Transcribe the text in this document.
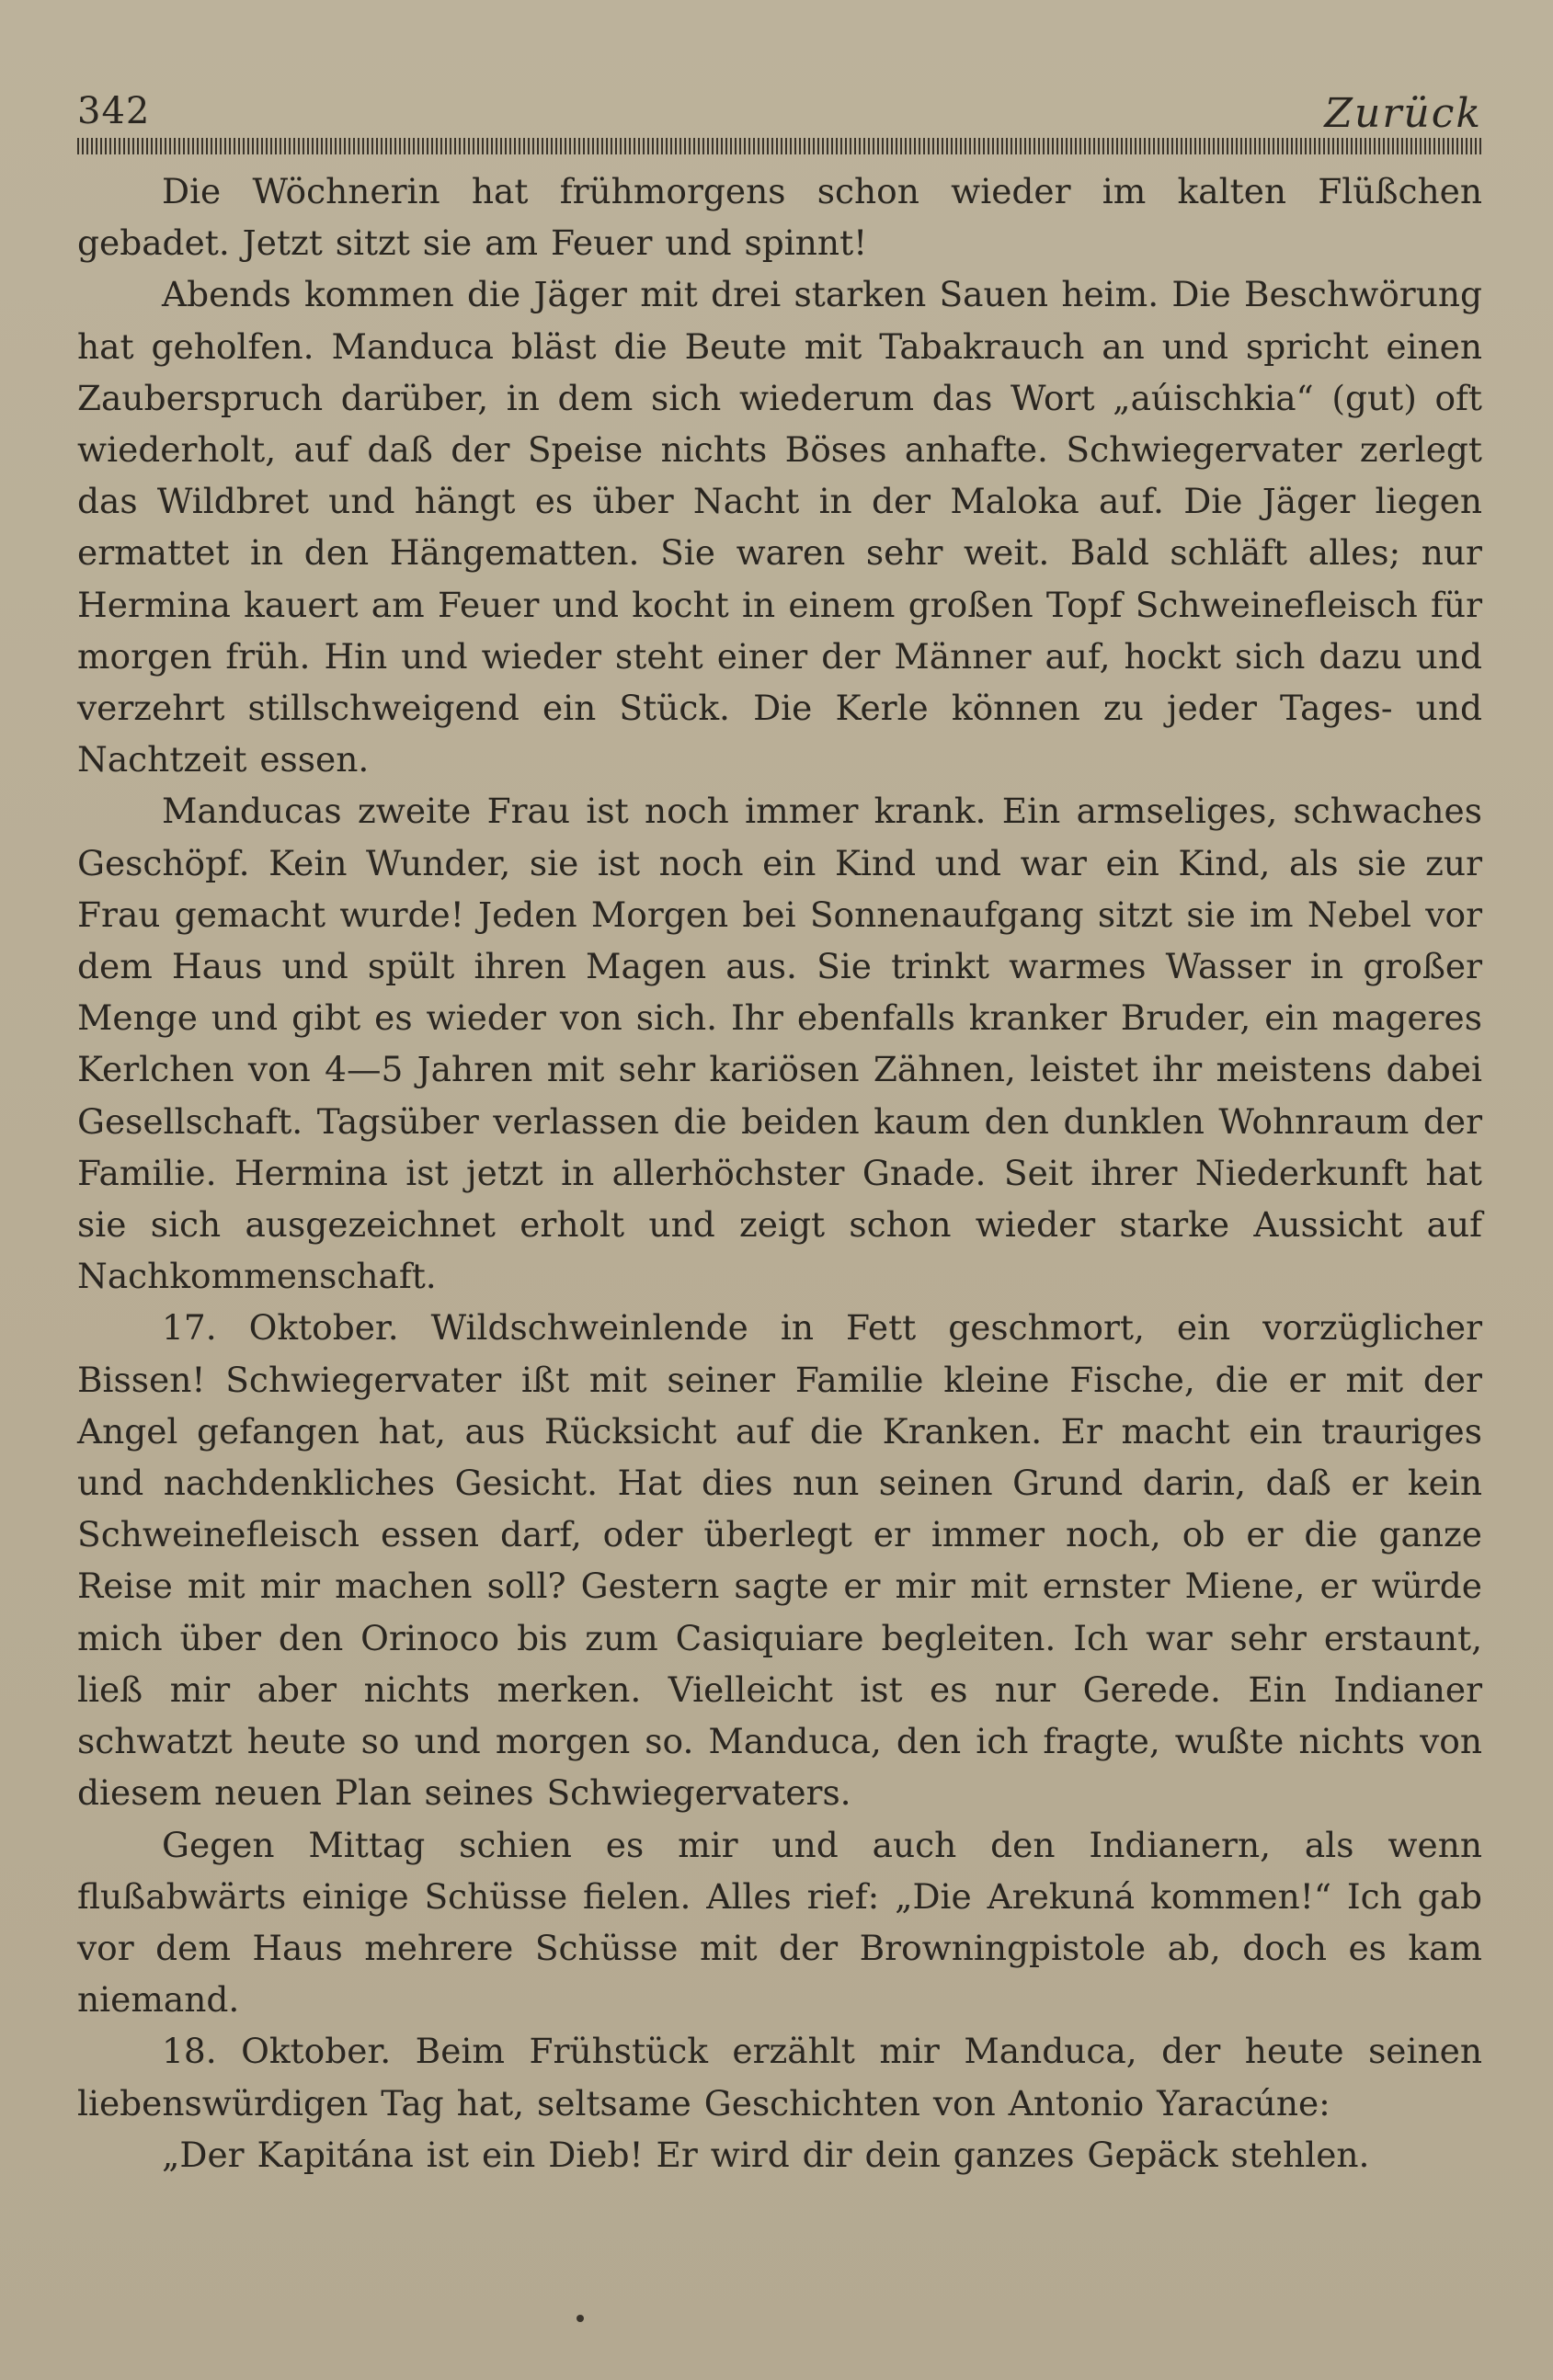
342	Zurück

Die Wöchnerin hat frühmorgens schon wieder im kalten Flüßchen gebadet. Jetzt sitzt sie am Feuer und spinnt!

Abends kommen die Jäger mit drei starken Sauen heim. Die Beschwörung hat geholfen. Manduca bläst die Beute mit Tabakrauch an und spricht einen Zauberspruch darüber, in dem sich wiederum das Wort „aúischkia“ (gut) oft wiederholt, auf daß der Speise nichts Böses anhafte. Schwiegervater zerlegt das Wildbret und hängt es über Nacht in der Maloka auf. Die Jäger liegen ermattet in den Hängematten. Sie waren sehr weit. Bald schläft alles; nur Hermina kauert am Feuer und kocht in einem großen Topf Schweinefleisch für morgen früh. Hin und wieder steht einer der Männer auf, hockt sich dazu und verzehrt stillschweigend ein Stück. Die Kerle können zu jeder Tages- und Nachtzeit essen.

Manducas zweite Frau ist noch immer krank. Ein armseliges, schwaches Geschöpf. Kein Wunder, sie ist noch ein Kind und war ein Kind, als sie zur Frau gemacht wurde! Jeden Morgen bei Sonnenaufgang sitzt sie im Nebel vor dem Haus und spült ihren Magen aus. Sie trinkt warmes Wasser in großer Menge und gibt es wieder von sich. Ihr ebenfalls kranker Bruder, ein mageres Kerlchen von 4—5 Jahren mit sehr kariösen Zähnen, leistet ihr meistens dabei Gesellschaft. Tagsüber verlassen die beiden kaum den dunklen Wohnraum der Familie. Hermina ist jetzt in allerhöchster Gnade. Seit ihrer Niederkunft hat sie sich ausgezeichnet erholt und zeigt schon wieder starke Aussicht auf Nachkommenschaft.

17. Oktober. Wildschweinlende in Fett geschmort, ein vorzüglicher Bissen! Schwiegervater ißt mit seiner Familie kleine Fische, die er mit der Angel gefangen hat, aus Rücksicht auf die Kranken. Er macht ein trauriges und nachdenkliches Gesicht. Hat dies nun seinen Grund darin, daß er kein Schweinefleisch essen darf, oder überlegt er immer noch, ob er die ganze Reise mit mir machen soll? Gestern sagte er mir mit ernster Miene, er würde mich über den Orinoco bis zum Casiquiare begleiten. Ich war sehr erstaunt, ließ mir aber nichts merken. Vielleicht ist es nur Gerede. Ein Indianer schwatzt heute so und morgen so. Manduca, den ich fragte, wußte nichts von diesem neuen Plan seines Schwiegervaters.

Gegen Mittag schien es mir und auch den Indianern, als wenn flußabwärts einige Schüsse fielen. Alles rief: „Die Arekuná kommen!“ Ich gab vor dem Haus mehrere Schüsse mit der Browningpistole ab, doch es kam niemand.

18. Oktober. Beim Frühstück erzählt mir Manduca, der heute seinen liebenswürdigen Tag hat, seltsame Geschichten von Antonio Yaracúne:

„Der Kapitána ist ein Dieb! Er wird dir dein ganzes Gepäck stehlen.
